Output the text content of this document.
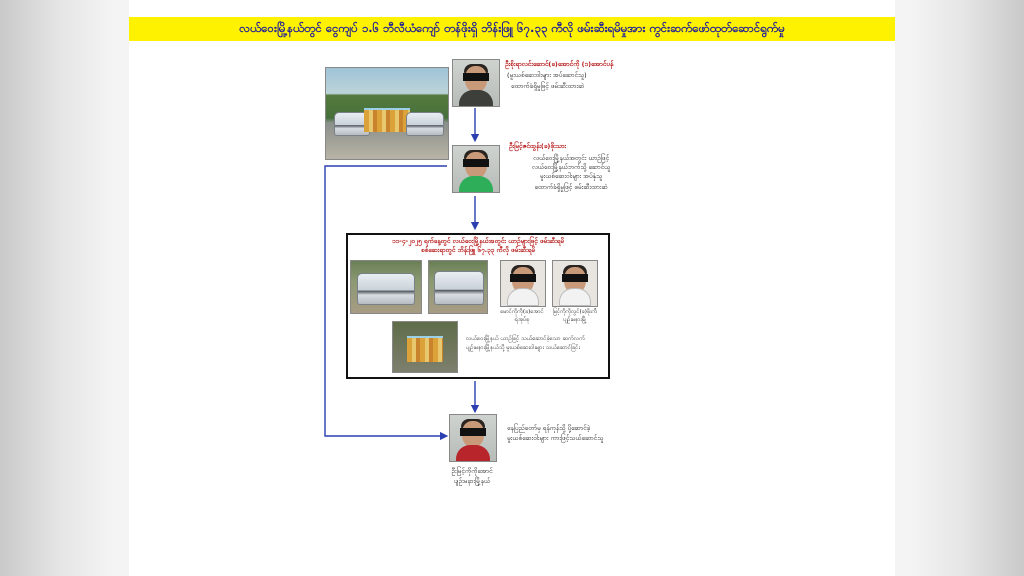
လယ်ဝေးမြို့နယ်တွင် ငွေကျပ် ၁.၆ ဘီလီယံကျော် တန်ဖိုးရှိ ဘိန်းဖြူ ၆၇.၃၃ ကီလို ဖမ်းဆီးရမိမှုအား ကွင်းဆက်ဖော်ထုတ်ဆောင်ရွက်မှု
ဦးစိုးရာလင်းဆောင်(ခ)အောင်ကို (၁)အောင်ပန်
(မူးယစ်ဆေးဝါးများ အပ်ဆောင်သူ)
ထောက်ခံရှိမှုဖြင့် ဖမ်းဆီးထားဆဲ
ဦးမြင့်ဇင်ထွန်း(ခ)ဖိုးသား
လယ်ဝေးမြို့နယ်အတွင်း ယာဉ်ဖြင့်
လယ်ဝေးမြို့နယ်ဘက်သို့ ဆောင်ယူ
မူးယစ်ဆေးဝါးများ အပ်နှံသူ
ထောက်ခံရှိမှုဖြင့် ဖမ်းဆီးထားဆဲ
၁၁-၄-၂၀၂၅ ရက်နေ့တွင် လယ်ဝေးမြို့နယ်အတွင်း ယာဉ်များဖြင့် ဖမ်းဆီးရမိ
စစ်ဆေးရာတွင် ဘိန်းဖြူ ၆၇.၃၃ ကီလို ဖမ်းဆီးရမိ
မောင်ကိုကို(ခ)အောင်
ရဲအုပ်စု
မြင့်ကိုကိုလွင်(ခ)ဖိုးကီ
ပျဉ်းမနားမြို့
လယ်ဝေးမြို့နယ် ယာဉ်ဖြင့် သယ်ဆောင်ခဲ့သော ဆက်လက်
ပျဉ်းမနားမြို့နယ်သို့ မူးယစ်ဆေးဝါးများ သယ်ဆောင်ခြင်း
နေပြည်တော်မှ ရန်ကုန်သို့ ပို့ဆောင်ခဲ့
မူးယစ်ဆေးဝါးများ ကားဖြင့်သယ်ဆောင်သူ
ဦးမြင့်ကိုကိုအောင်
ပျဉ်းမနားမြို့နယ်
